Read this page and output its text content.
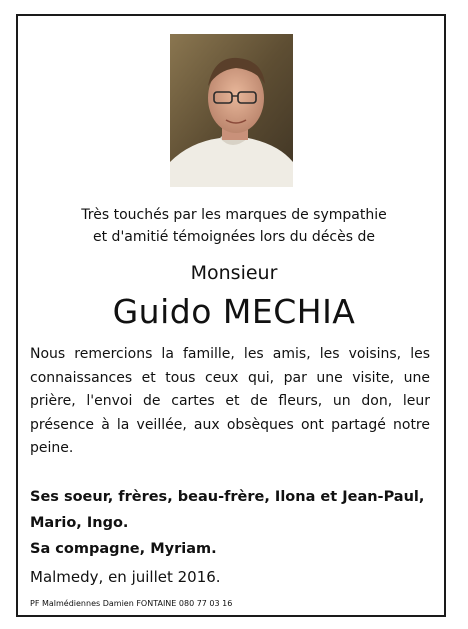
Très touchés par les marques de sympathie
et d'amitié témoignées lors du décès de
Monsieur
Guido MECHIA
Nous remercions la famille, les amis, les voisins, les connaissances et tous ceux qui, par une visite, une prière, l'envoi de cartes et de fleurs, un don, leur présence à la veillée, aux obsèques ont partagé notre peine.
Ses soeur, frères, beau-frère, Ilona et Jean-Paul,
Mario, Ingo.
Sa compagne, Myriam.
Malmedy, en juillet 2016.
PF Malmédiennes Damien FONTAINE 080 77 03 16
